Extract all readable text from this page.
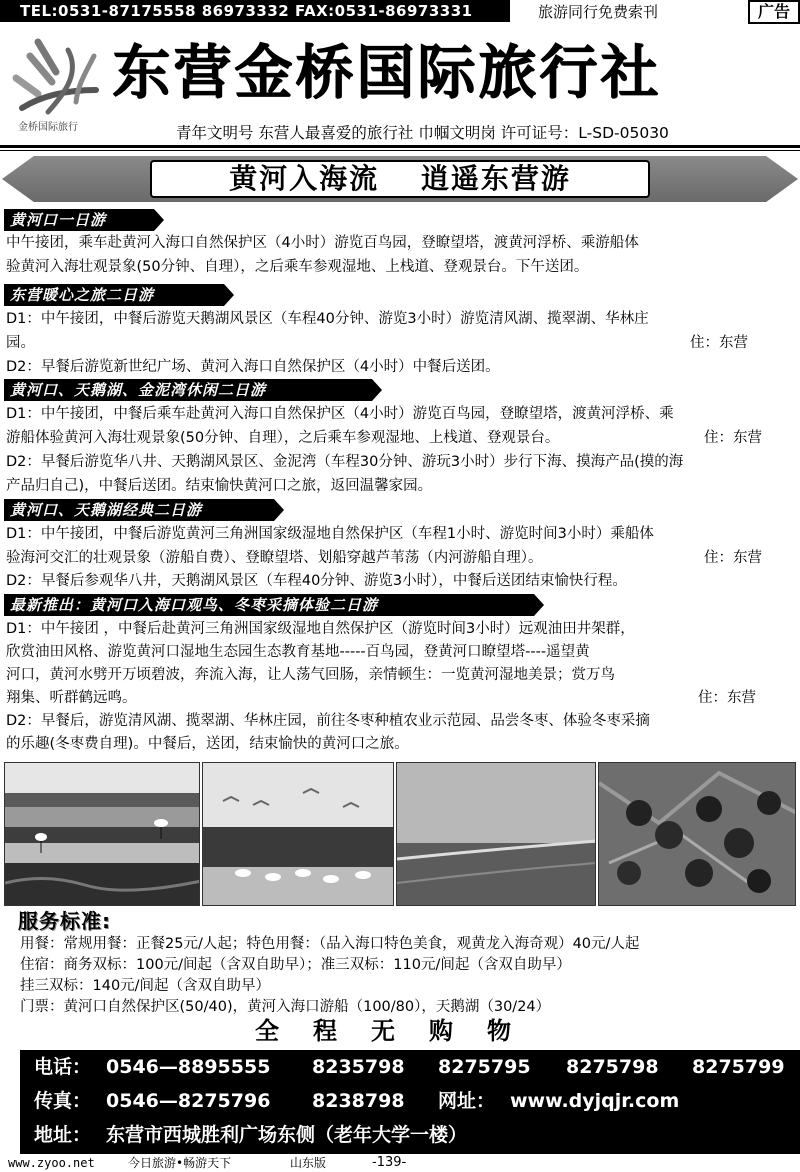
TEL:0531-87175558 86973332 FAX:0531-86973331	旅游同行免费索刊	广告
金桥国际旅行
东营金桥国际旅行社
青年文明号 东营人最喜爱的旅行社 巾帼文明岗 许可证号：L-SD-05030
黄河入海流 逍遥东营游
黄河口一日游
中午接团，乘车赴黄河入海口自然保护区（4小时）游览百鸟园，登瞭望塔，渡黄河浮桥、乘游船体
验黄河入海壮观景象(50分钟、自理），之后乘车参观湿地、上栈道、登观景台。下午送团。
东营暖心之旅二日游
D1：中午接团，中餐后游览天鹅湖风景区（车程40分钟、游览3小时）游览清风湖、揽翠湖、华林庄
园。	住：东营
D2：早餐后游览新世纪广场、黄河入海口自然保护区（4小时）中餐后送团。
黄河口、天鹅湖、金泥湾休闲二日游
D1：中午接团，中餐后乘车赴黄河入海口自然保护区（4小时）游览百鸟园，登瞭望塔，渡黄河浮桥、乘
游船体验黄河入海壮观景象(50分钟、自理），之后乘车参观湿地、上栈道、登观景台。	住：东营
D2：早餐后游览华八井、天鹅湖风景区、金泥湾（车程30分钟、游玩3小时）步行下海、摸海产品(摸的海
产品归自己)，中餐后送团。结束愉快黄河口之旅，返回温馨家园。
黄河口、天鹅湖经典二日游
D1：中午接团，中餐后游览黄河三角洲国家级湿地自然保护区（车程1小时、游览时间3小时）乘船体
验海河交汇的壮观景象（游船自费）、登瞭望塔、划船穿越芦苇荡（内河游船自理）。	住：东营
D2：早餐后参观华八井，天鹅湖风景区（车程40分钟、游览3小时），中餐后送团结束愉快行程。
最新推出：黄河口入海口观鸟、冬枣采摘体验二日游
D1：中午接团 ，中餐后赴黄河三角洲国家级湿地自然保护区（游览时间3小时）远观油田井架群，
欣赏油田风格、游览黄河口湿地生态园生态教育基地-----百鸟园，登黄河口瞭望塔----遥望黄
河口，黄河水劈开万顷碧波，奔流入海，让人荡气回肠，亲情顿生：一览黄河湿地美景；赏万鸟
翔集、听群鹤远鸣。	住：东营
D2：早餐后，游览清风湖、揽翠湖、华林庄园，前往冬枣种植农业示范园、品尝冬枣、体验冬枣采摘
的乐趣(冬枣费自理)。中餐后，送团，结束愉快的黄河口之旅。
服务标准:
用餐：常规用餐：正餐25元/人起；特色用餐：（品入海口特色美食，观黄龙入海奇观）40元/人起
住宿：商务双标：100元/间起（含双自助早）；准三双标：110元/间起（含双自助早）
挂三双标：140元/间起（含双自助早）
门票：黄河口自然保护区(50/40)，黄河入海口游船（100/80），天鹅湖（30/24）
全程无购物
电话： 0546—8895555 8235798 8275795 8275798 8275799
传真： 0546—8275796 8238798 网址： www.dyjqjr.com
地址： 东营市西城胜利广场东侧（老年大学一楼）
www.zyoo.net	今日旅游•畅游天下	山东版	-139-
